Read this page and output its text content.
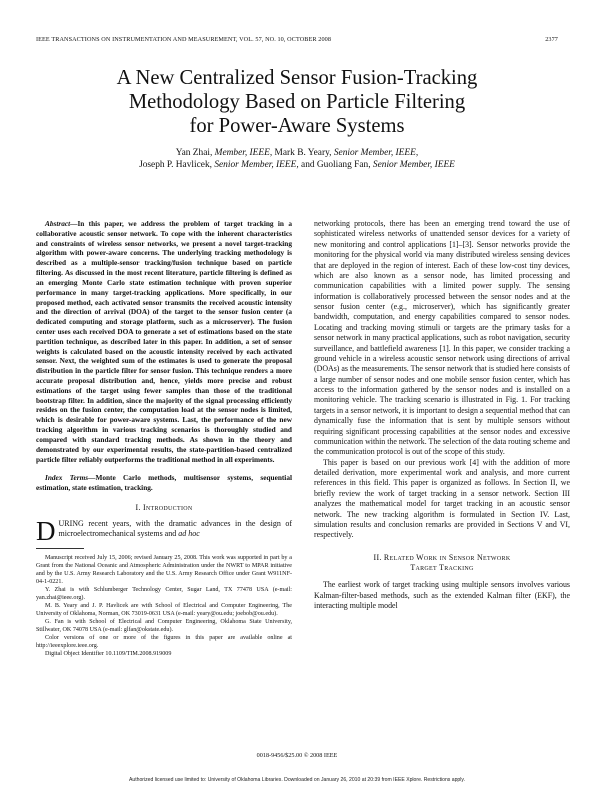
IEEE TRANSACTIONS ON INSTRUMENTATION AND MEASUREMENT, VOL. 57, NO. 10, OCTOBER 2008	2377
A New Centralized Sensor Fusion-Tracking
Methodology Based on Particle Filtering
for Power-Aware Systems
Yan Zhai, Member, IEEE, Mark B. Yeary, Senior Member, IEEE,
Joseph P. Havlicek, Senior Member, IEEE, and Guoliang Fan, Senior Member, IEEE

Abstract—In this paper, we address the problem of target tracking in a collaborative acoustic sensor network. To cope with the inherent characteristics and constraints of wireless sensor networks, we present a novel target-tracking algorithm with power-aware concerns. The underlying tracking methodology is described as a multiple-sensor tracking/fusion technique based on particle filtering. As discussed in the most recent literature, particle filtering is defined as an emerging Monte Carlo state estimation technique with proven superior performance in many target-tracking applications. More specifically, in our proposed method, each activated sensor transmits the received acoustic intensity and the direction of arrival (DOA) of the target to the sensor fusion center (a dedicated computing and storage platform, such as a microserver). The fusion center uses each received DOA to generate a set of estimations based on the state partition technique, as described later in this paper. In addition, a set of sensor weights is calculated based on the acoustic intensity received by each activated sensor. Next, the weighted sum of the estimates is used to generate the proposal distribution in the particle filter for sensor fusion. This technique renders a more accurate proposal distribution and, hence, yields more precise and robust estimations of the target using fewer samples than those of the traditional bootstrap filter. In addition, since the majority of the signal processing efficiently resides on the fusion center, the computation load at the sensor nodes is limited, which is desirable for power-aware systems. Last, the performance of the new tracking algorithm in various tracking scenarios is thoroughly studied and compared with standard tracking methods. As shown in the theory and demonstrated by our experimental results, the state-partition-based centralized particle filter reliably outperforms the traditional method in all experiments.

Index Terms—Monte Carlo methods, multisensor systems, sequential estimation, state estimation, tracking.

I. Introduction

DURING recent years, with the dramatic advances in the design of microelectromechanical systems and ad hoc

Manuscript received July 15, 2006; revised January 25, 2008. This work was supported in part by a Grant from the National Oceanic and Atmospheric Administration under the NWRT to MPAR initiative and by the U.S. Army Research Laboratory and the U.S. Army Research Office under Grant W911NF-04-1-0221.

Y. Zhai is with Schlumberger Technology Center, Sugar Land, TX 77478 USA (e-mail: yan.zhai@ieee.org).

M. B. Yeary and J. P. Havlicek are with School of Electrical and Computer Engineering, The University of Oklahoma, Norman, OK 73019-0631 USA (e-mail: yeary@ou.edu; joebob@ou.edu).

G. Fan is with School of Electrical and Computer Engineering, Oklahoma State University, Stillwater, OK 74078 USA (e-mail: glfan@okstate.edu).

Color versions of one or more of the figures in this paper are available online at http://ieeexplore.ieee.org.

Digital Object Identifier 10.1109/TIM.2008.919009

networking protocols, there has been an emerging trend toward the use of sophisticated wireless networks of unattended sensor devices for a variety of new monitoring and control applications [1]–[3]. Sensor networks provide the monitoring for the physical world via many distributed wireless sensing devices that are deployed in the region of interest. Each of these low-cost tiny devices, which are also known as a sensor node, has limited processing and communication capabilities with a limited power supply. The sensing information is collaboratively processed between the sensor nodes and at the sensor fusion center (e.g., microserver), which has significantly greater bandwidth, computation, and energy capabilities compared to sensor nodes. Locating and tracking moving stimuli or targets are the primary tasks for a sensor network in many practical applications, such as robot navigation, security surveillance, and battlefield awareness [1]. In this paper, we consider tracking a ground vehicle in a wireless acoustic sensor network using directions of arrival (DOAs) as the measurements. The sensor network that is studied here consists of a large number of sensor nodes and one mobile sensor fusion center, which has access to the information gathered by the sensor nodes and is installed on a monitoring vehicle. The tracking scenario is illustrated in Fig. 1. For tracking targets in a sensor network, it is important to design a sequential method that can dynamically fuse the information that is sent by multiple sensors without requiring significant processing capabilities at the sensor nodes and excessive communication within the network. The selection of the data routing scheme and the communication protocol is out of the scope of this study.

This paper is based on our previous work [4] with the addition of more detailed derivation, more experimental work and analysis, and more current references in this field. This paper is organized as follows. In Section II, we briefly review the work of target tracking in a sensor network. Section III analyzes the mathematical model for target tracking in an acoustic sensor network. The new tracking algorithm is formulated in Section IV. Last, simulation results and conclusion remarks are provided in Sections V and VI, respectively.

II. Related Work in Sensor Network
Target Tracking

The earliest work of target tracking using multiple sensors involves various Kalman-filter-based methods, such as the extended Kalman filter (EKF), the interacting multiple model

0018-9456/$25.00 © 2008 IEEE
Authorized licensed use limited to: University of Oklahoma Libraries. Downloaded on January 26, 2010 at 20:39 from IEEE Xplore. Restrictions apply.
